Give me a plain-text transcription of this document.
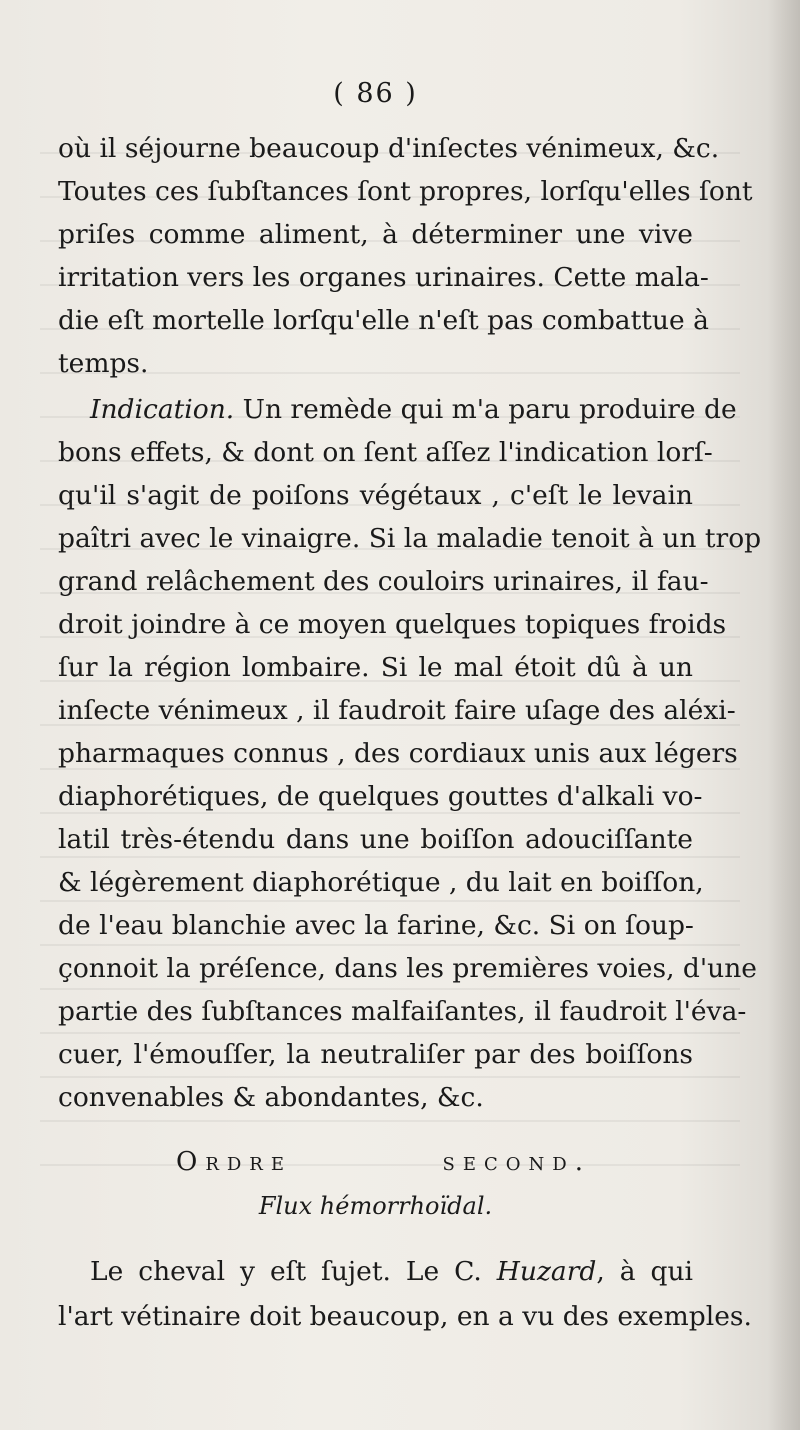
( 86 )
où il séjourne beaucoup d'inſectes vénimeux, &c.
Toutes ces ſubſtances ſont propres, lorſqu'elles ſont
priſes comme aliment, à déterminer une vive
irritation vers les organes urinaires. Cette mala-
die eſt mortelle lorſqu'elle n'eſt pas combattue à
temps.
Indication. Un remède qui m'a paru produire de
bons effets, & dont on ſent aſſez l'indication lorſ-
qu'il s'agit de poiſons végétaux , c'eſt le levain
paîtri avec le vinaigre. Si la maladie tenoit à un trop
grand relâchement des couloirs urinaires, il fau-
droit joindre à ce moyen quelques topiques froids
ſur la région lombaire. Si le mal étoit dû à un
inſecte vénimeux , il faudroit faire uſage des aléxi-
pharmaques connus , des cordiaux unis aux légers
diaphorétiques, de quelques gouttes d'alkali vo-
latil très-étendu dans une boiſſon adouciſſante
& légèrement diaphorétique , du lait en boiſſon,
de l'eau blanchie avec la farine, &c. Si on ſoup-
çonnoit la préſence, dans les premières voies, d'une
partie des ſubſtances malfaiſantes, il faudroit l'éva-
cuer, l'émouſſer, la neutraliſer par des boiſſons
convenables & abondantes, &c.
Ordre second.
Flux hémorrhoïdal.
Le cheval y eſt ſujet. Le C. Huzard, à qui
l'art vétinaire doit beaucoup, en a vu des exemples.
